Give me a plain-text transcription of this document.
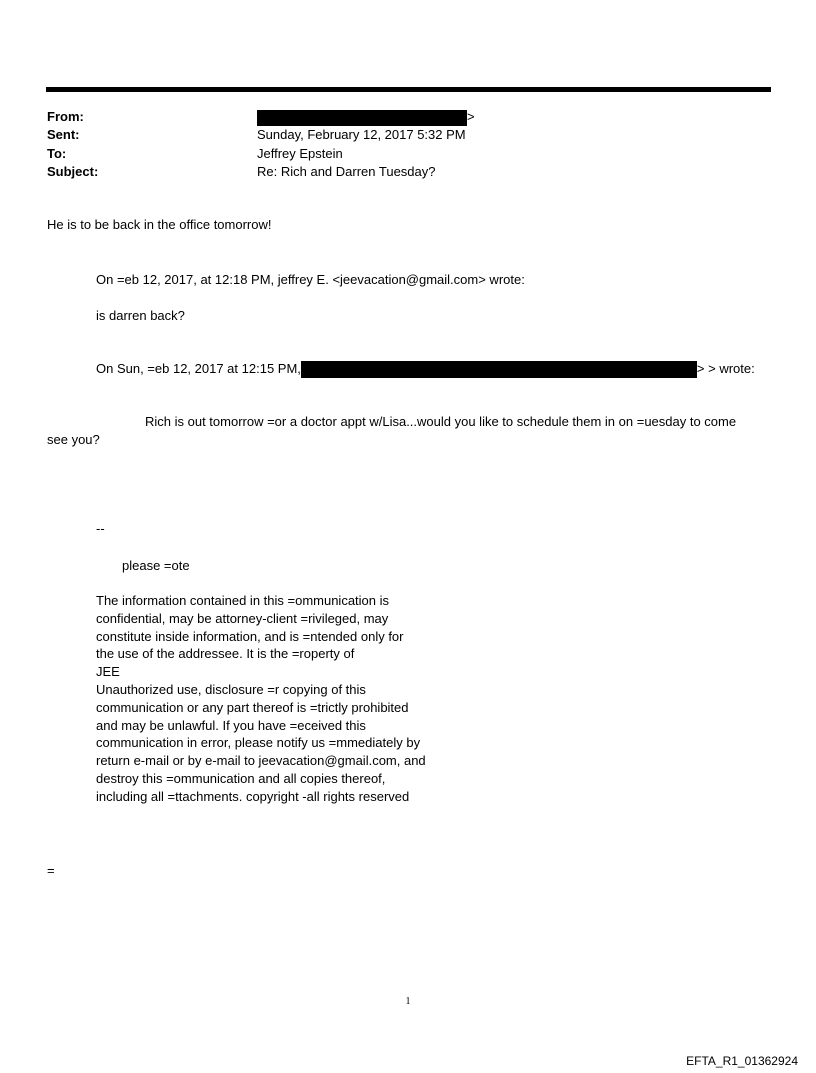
From:	>
Sent:	Sunday, February 12, 2017 5:32 PM
To:	Jeffrey Epstein
Subject:	Re: Rich and Darren Tuesday?
He is to be back in the office tomorrow!
On =eb 12, 2017, at 12:18 PM, jeffrey E. <jeevacation@gmail.com> wrote:
is darren back?
On Sun, =eb 12, 2017 at 12:15 PM,	> > wrote:
Rich is out tomorrow =or a doctor appt w/Lisa...would you like to schedule them in on =uesday to come
see you?
--
please =ote
The information contained in this =ommunication is
confidential, may be attorney-client =rivileged, may
constitute inside information, and is =ntended only for
the use of the addressee. It is the =roperty of
JEE
Unauthorized use, disclosure =r copying of this
communication or any part thereof is =trictly prohibited
and may be unlawful. If you have =eceived this
communication in error, please notify us =mmediately by
return e-mail or by e-mail to jeevacation@gmail.com, and
destroy this =ommunication and all copies thereof,
including all =ttachments. copyright -all rights reserved
=
1
EFTA_R1_01362924
